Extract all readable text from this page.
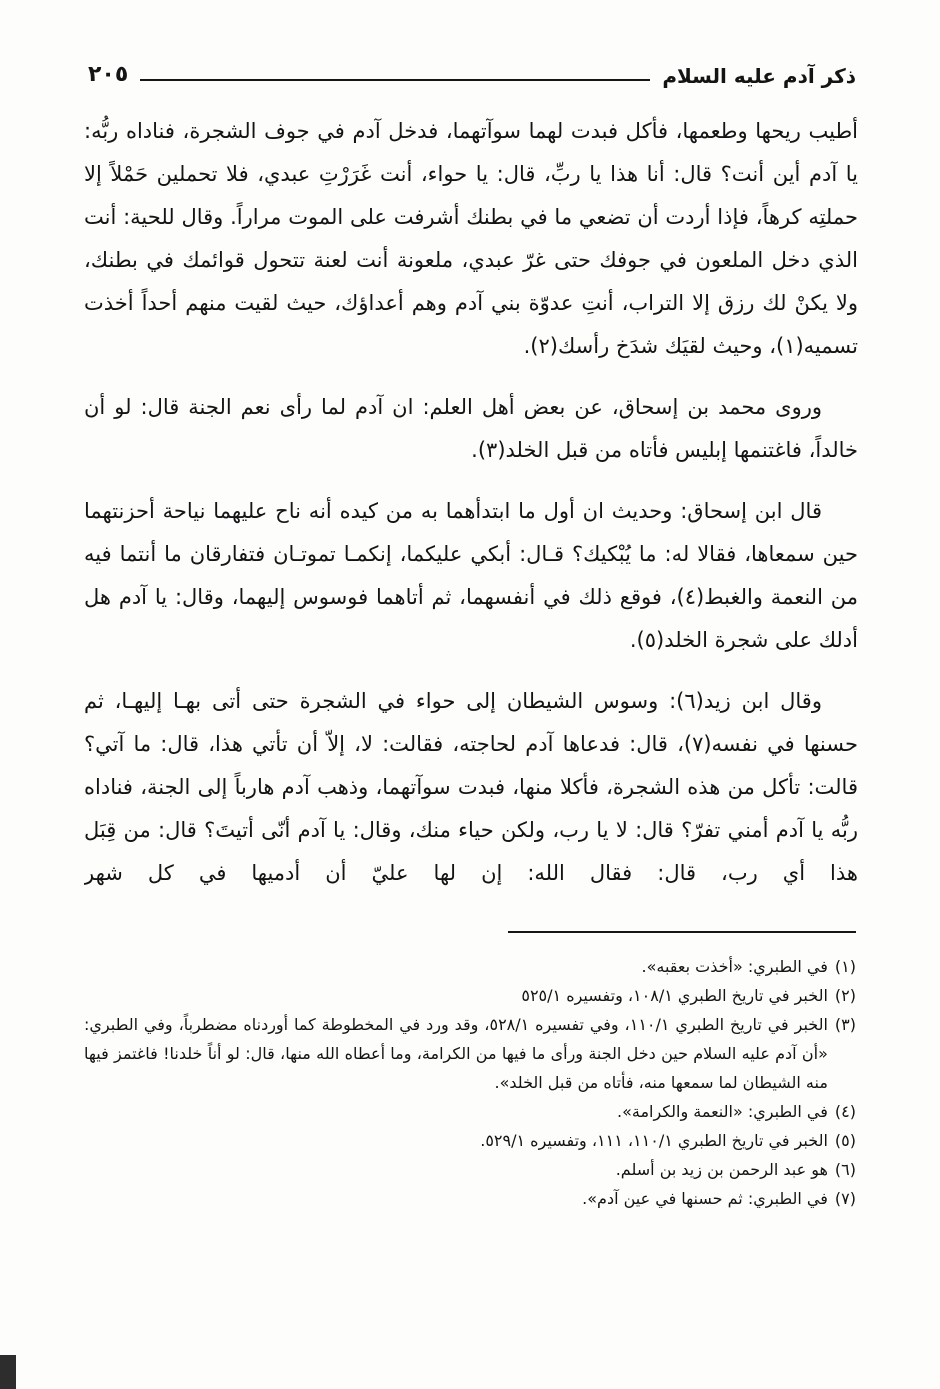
٢٠٥	ذكر آدم عليه السلام

أطيب ريحها وطعمها، فأكل فبدت لهما سوآتهما، فدخل آدم في جوف الشجرة، فناداه ربُّه: يا آدم أين أنت؟ قال: أنا هذا يا ربِّ، قال: يا حواء، أنت غَرَرْتِ عبدي، فلا تحملين حَمْلاً إلا حملتِه كرهاً، فإذا أردت أن تضعي ما في بطنك أشرفت على الموت مراراً. وقال للحية: أنت الذي دخل الملعون في جوفك حتى غرّ عبدي، ملعونة أنت لعنة تتحول قوائمك في بطنك، ولا يكنْ لك رزق إلا التراب، أنتِ عدوّة بني آدم وهم أعداؤك، حيث لقيت منهم أحداً أخذت تسميه(١)، وحيث لقيَك شدَخ رأسك(٢).

وروى محمد بن إسحاق، عن بعض أهل العلم: ان آدم لما رأى نعم الجنة قال: لو أن خالداً، فاغتنمها إبليس فأتاه من قبل الخلد(٣).

قال ابن إسحاق: وحديث ان أول ما ابتدأهما به من كيده أنه ناح عليهما نياحة أحزنتهما حين سمعاها، فقالا له: ما يُبْكيك؟ قـال: أبكي عليكما، إنكمـا تموتـان فتفارقان ما أنتما فيه من النعمة والغبط(٤)، فوقع ذلك في أنفسهما، ثم أتاهما فوسوس إليهما، وقال: يا آدم هل أدلك على شجرة الخلد(٥).

وقال ابن زيد(٦): وسوس الشيطان إلى حواء في الشجرة حتى أتى بهـا إليهـا، ثم حسنها في نفسه(٧)، قال: فدعاها آدم لحاجته، فقالت: لا، إلاّ أن تأتي هذا، قال: ما آتي؟ قالت: تأكل من هذه الشجرة، فأكلا منها، فبدت سوآتهما، وذهب آدم هارباً إلى الجنة، فناداه ربُّه يا آدم أمني تفرّ؟ قال: لا يا رب، ولكن حياء منك، وقال: يا آدم أنّى أتيتَ؟ قال: من قِبَل هذا أي رب، قال: فقال الله: إن لها عليّ أن أدميها في كل شهر

(١)
في الطبري: «أخذت بعقبه».
(٢)
الخبر في تاريخ الطبري ١٠٨/١، وتفسيره ٥٢٥/١
(٣)
الخبر في تاريخ الطبري ١١٠/١، وفي تفسيره ٥٢٨/١، وقد ورد في المخطوطة كما أوردناه مضطرباً، وفي الطبري: «أن آدم عليه السلام حين دخل الجنة ورأى ما فيها من الكرامة، وما أعطاه الله منها، قال: لو أناً خلدنا! فاغتمز فيها منه الشيطان لما سمعها منه، فأتاه من قبل الخلد».
(٤)
في الطبري: «النعمة والكرامة».
(٥)
الخبر في تاريخ الطبري ١١٠/١، ١١١، وتفسيره ٥٢٩/١.
(٦)
هو عبد الرحمن بن زيد بن أسلم.
(٧)
في الطبري: ثم حسنها في عين آدم».
